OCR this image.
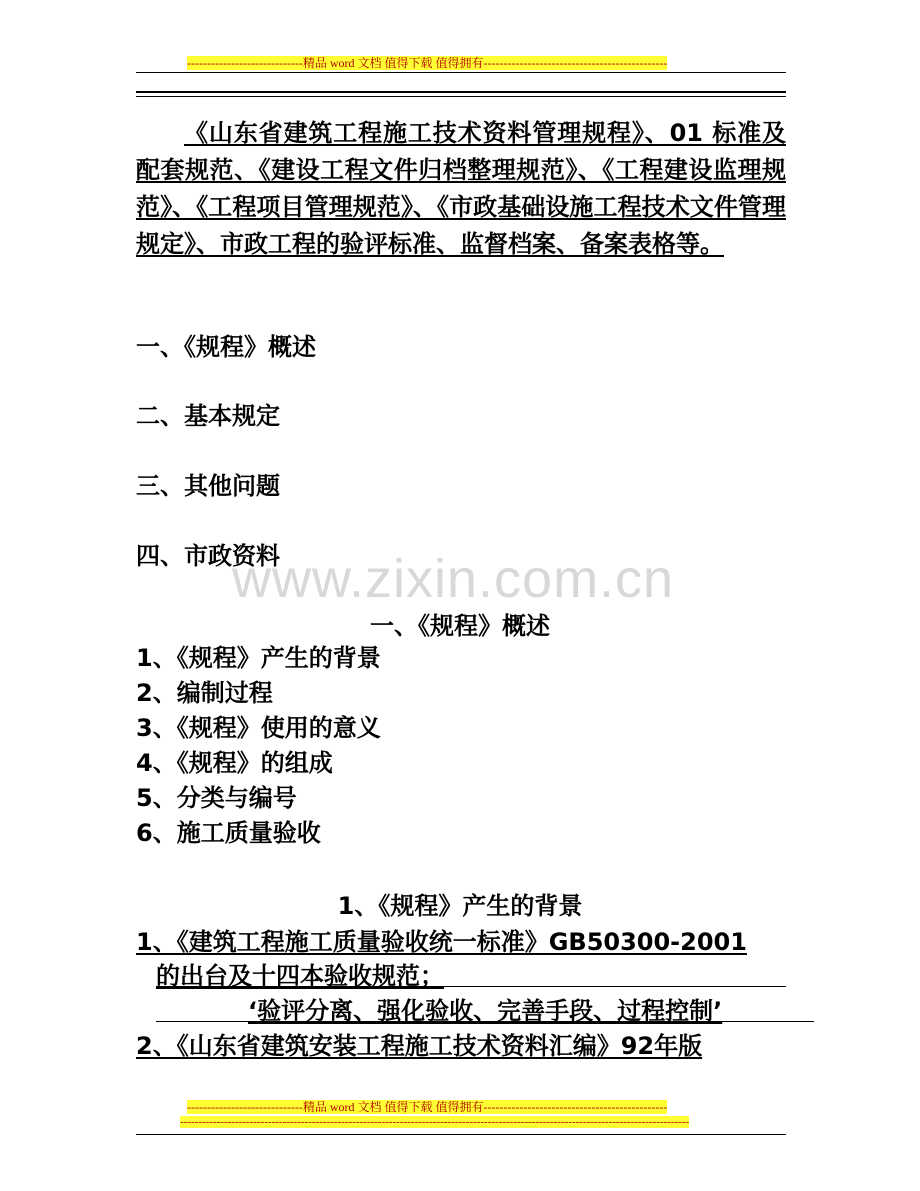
-----------------------------精品 word 文档 值得下载 值得拥有----------------------------------------------
《山东省建筑工程施工技术资料管理规程》、01 标准及配套规范、《建设工程文件归档整理规范》、《工程建设监理规范》、《工程项目管理规范》、《市政基础设施工程技术文件管理规定》、市政工程的验评标准、监督档案、备案表格等。
一、《规程》概述
二、基本规定
三、其他问题
四、市政资料
www.zixin.com.cn
一、《规程》概述
1、《规程》产生的背景
2、编制过程
3、《规程》使用的意义
4、《规程》的组成
5、分类与编号
6、施工质量验收
1、《规程》产生的背景
1、《建筑工程施工质量验收统一标准》GB50300-2001
的出台及十四本验收规范；
‘验评分离、强化验收、完善手段、过程控制’
2、《山东省建筑安装工程施工技术资料汇编》92年版
-----------------------------精品 word 文档 值得下载 值得拥有----------------------------------------------
-------------------------------------------------------------------------------------------------------------------------------------------
